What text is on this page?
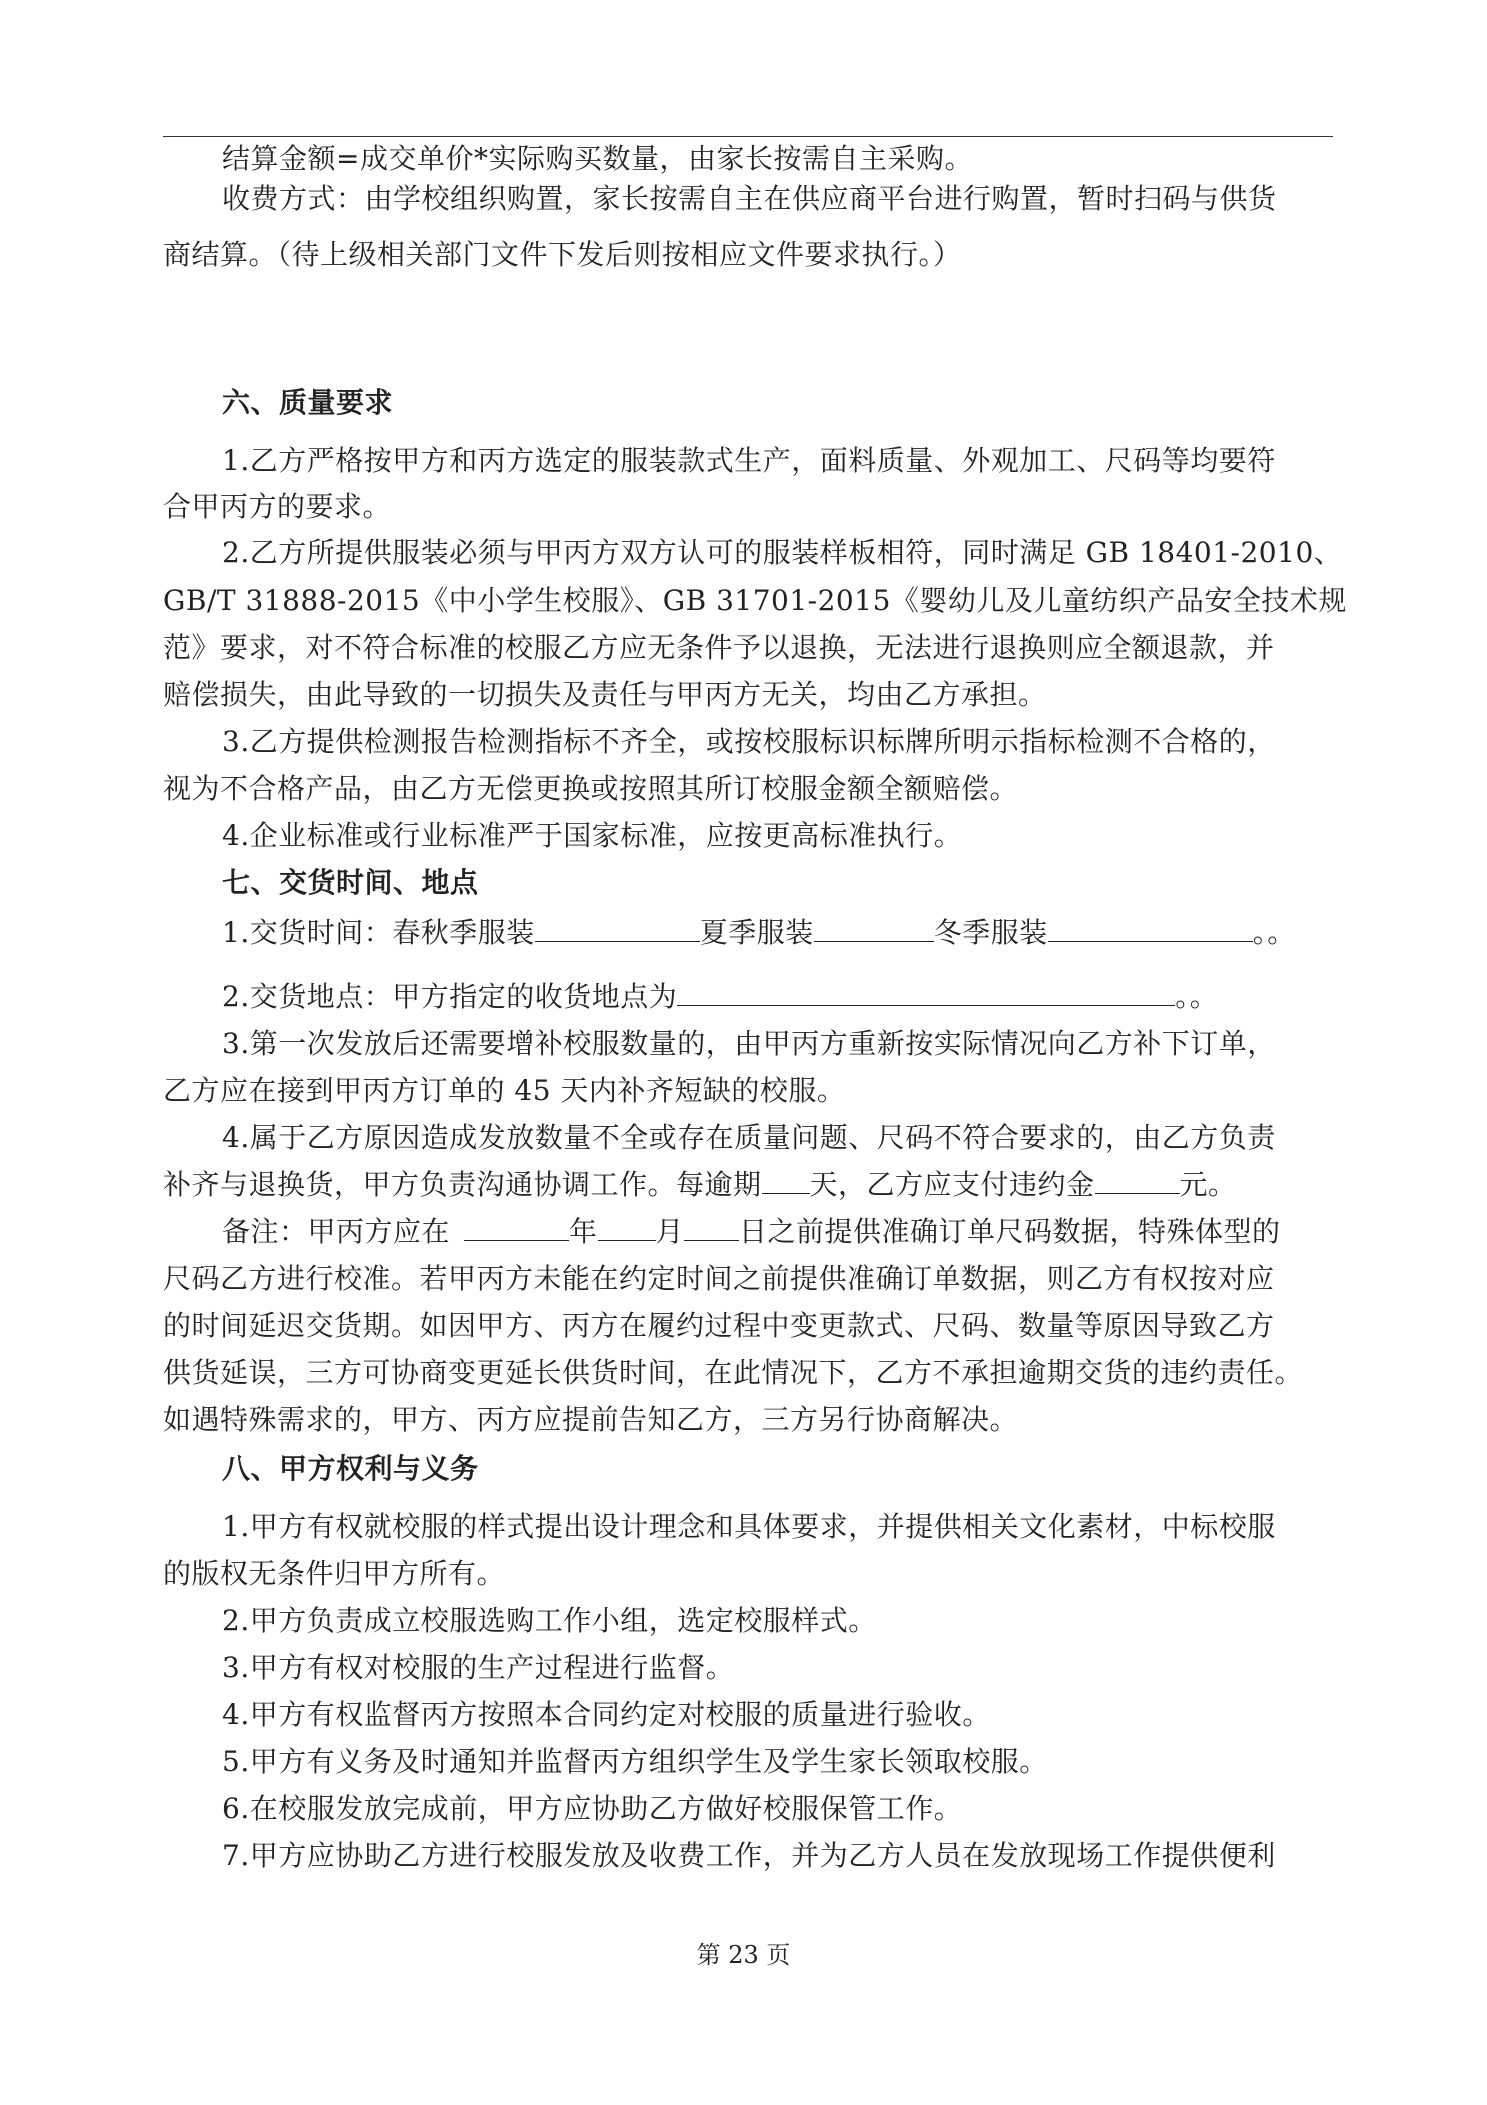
结算金额=成交单价*实际购买数量，由家长按需自主采购。

收费方式：由学校组织购置，家长按需自主在供应商平台进行购置，暂时扫码与供货

商结算。（待上级相关部门文件下发后则按相应文件要求执行。）

六、质量要求

1.乙方严格按甲方和丙方选定的服装款式生产，面料质量、外观加工、尺码等均要符

合甲丙方的要求。

2.乙方所提供服装必须与甲丙方双方认可的服装样板相符，同时满足 GB 18401-2010、

GB/T 31888-2015《中小学生校服》、GB 31701-2015《婴幼儿及儿童纺织产品安全技术规

范》要求，对不符合标准的校服乙方应无条件予以退换，无法进行退换则应全额退款，并

赔偿损失，由此导致的一切损失及责任与甲丙方无关，均由乙方承担。

3.乙方提供检测报告检测指标不齐全，或按校服标识标牌所明示指标检测不合格的，

视为不合格产品，由乙方无偿更换或按照其所订校服金额全额赔偿。

4.企业标准或行业标准严于国家标准，应按更高标准执行。

七、交货时间、地点

1.交货时间：春秋季服装	夏季服装	冬季服装	。。

2.交货地点：甲方指定的收货地点为	。。

3.第一次发放后还需要增补校服数量的，由甲丙方重新按实际情况向乙方补下订单，

乙方应在接到甲丙方订单的 45 天内补齐短缺的校服。

4.属于乙方原因造成发放数量不全或存在质量问题、尺码不符合要求的，由乙方负责

补齐与退换货，甲方负责沟通协调工作。每逾期 天，乙方应支付违约金	元。

备注：甲丙方应在	年 月 日之前提供准确订单尺码数据，特殊体型的

尺码乙方进行校准。若甲丙方未能在约定时间之前提供准确订单数据，则乙方有权按对应

的时间延迟交货期。如因甲方、丙方在履约过程中变更款式、尺码、数量等原因导致乙方

供货延误，三方可协商变更延长供货时间，在此情况下，乙方不承担逾期交货的违约责任。

如遇特殊需求的，甲方、丙方应提前告知乙方，三方另行协商解决。

八、甲方权利与义务

1.甲方有权就校服的样式提出设计理念和具体要求，并提供相关文化素材，中标校服

的版权无条件归甲方所有。

2.甲方负责成立校服选购工作小组，选定校服样式。

3.甲方有权对校服的生产过程进行监督。

4.甲方有权监督丙方按照本合同约定对校服的质量进行验收。

5.甲方有义务及时通知并监督丙方组织学生及学生家长领取校服。

6.在校服发放完成前，甲方应协助乙方做好校服保管工作。

7.甲方应协助乙方进行校服发放及收费工作，并为乙方人员在发放现场工作提供便利

第 23 页
